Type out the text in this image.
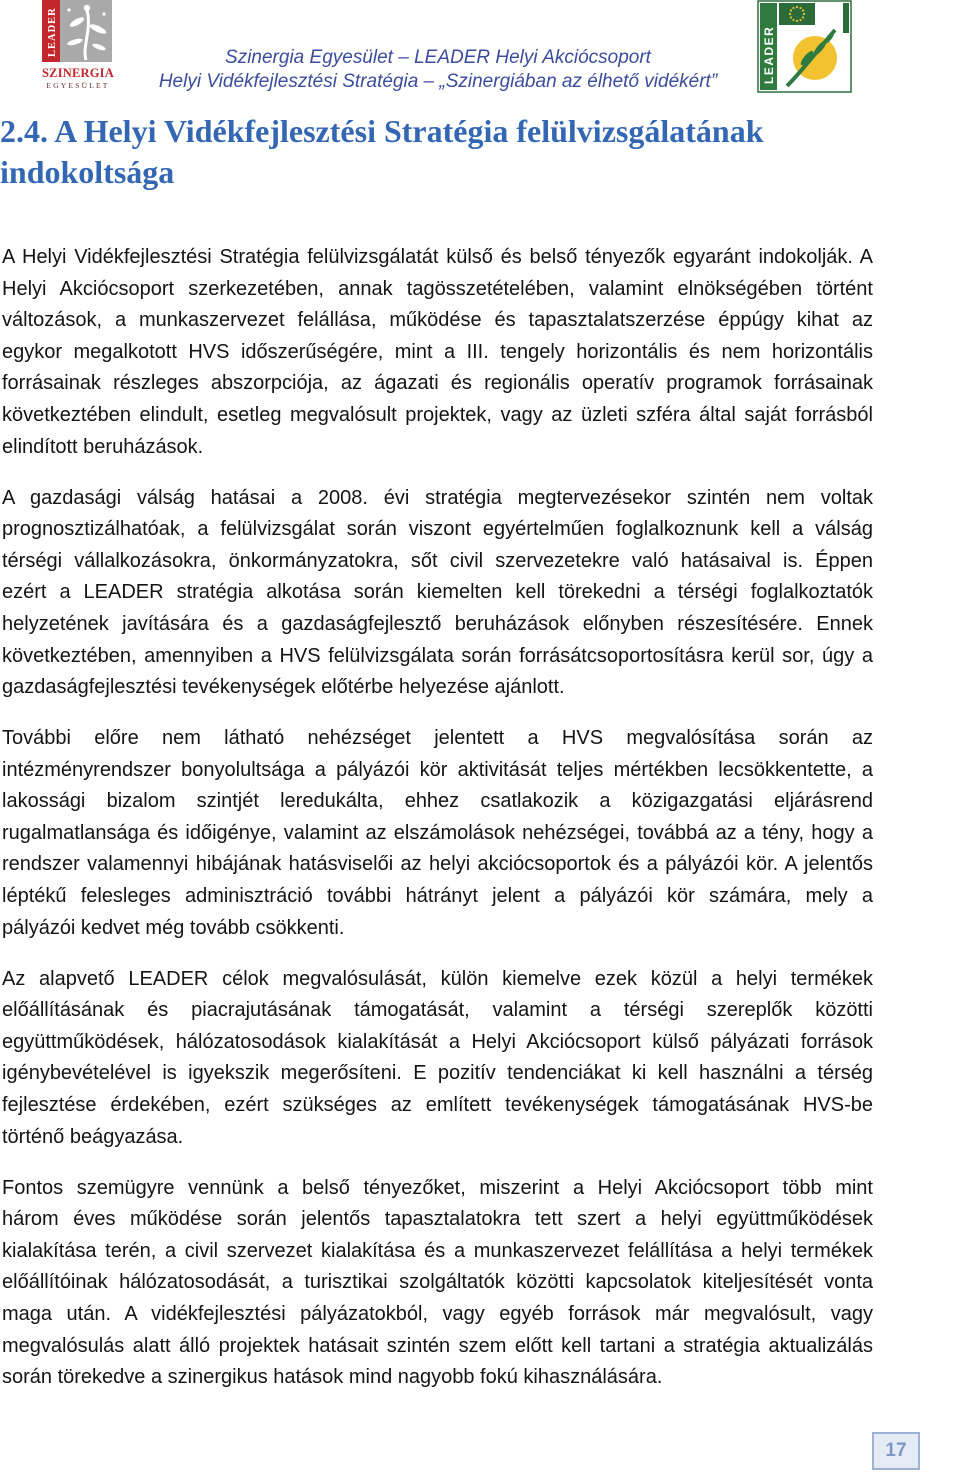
LEADER
SZINERGIA
EGYESÜLET
Szinergia Egyesület – LEADER Helyi Akciócsoport
Helyi Vidékfejlesztési Stratégia – „Szinergiában az élhető vidékért”	LEADER
2.4. A Helyi Vidékfejlesztési Stratégia felülvizsgálatának
indokoltsága
A Helyi Vidékfejlesztési Stratégia felülvizsgálatát külső és belső tényezők egyaránt indokolják. A
Helyi Akciócsoport szerkezetében, annak tagösszetételében, valamint elnökségében történt
változások, a munkaszervezet felállása, működése és tapasztalatszerzése éppúgy kihat az
egykor megalkotott HVS időszerűségére, mint a III. tengely horizontális és nem horizontális
forrásainak részleges abszorpciója, az ágazati és regionális operatív programok forrásainak
következtében elindult, esetleg megvalósult projektek, vagy az üzleti szféra által saját forrásból
elindított beruházások.
A gazdasági válság hatásai a 2008. évi stratégia megtervezésekor szintén nem voltak
prognosztizálhatóak, a felülvizsgálat során viszont egyértelműen foglalkoznunk kell a válság
térségi vállalkozásokra, önkormányzatokra, sőt civil szervezetekre való hatásaival is. Éppen
ezért a LEADER stratégia alkotása során kiemelten kell törekedni a térségi foglalkoztatók
helyzetének javítására és a gazdaságfejlesztő beruházások előnyben részesítésére. Ennek
következtében, amennyiben a HVS felülvizsgálata során forrásátcsoportosításra kerül sor, úgy a
gazdaságfejlesztési tevékenységek előtérbe helyezése ajánlott.
További előre nem látható nehézséget jelentett a HVS megvalósítása során az
intézményrendszer bonyolultsága a pályázói kör aktivitását teljes mértékben lecsökkentette, a
lakossági bizalom szintjét leredukálta, ehhez csatlakozik a közigazgatási eljárásrend
rugalmatlansága és időigénye, valamint az elszámolások nehézségei, továbbá az a tény, hogy a
rendszer valamennyi hibájának hatásviselői az helyi akciócsoportok és a pályázói kör. A jelentős
léptékű felesleges adminisztráció további hátrányt jelent a pályázói kör számára, mely a
pályázói kedvet még tovább csökkenti.
Az alapvető LEADER célok megvalósulását, külön kiemelve ezek közül a helyi termékek
előállításának és piacrajutásának támogatását, valamint a térségi szereplők közötti
együttműködések, hálózatosodások kialakítását a Helyi Akciócsoport külső pályázati források
igénybevételével is igyekszik megerősíteni. E pozitív tendenciákat ki kell használni a térség
fejlesztése érdekében, ezért szükséges az említett tevékenységek támogatásának HVS-be
történő beágyazása.
Fontos szemügyre vennünk a belső tényezőket, miszerint a Helyi Akciócsoport több mint
három éves működése során jelentős tapasztalatokra tett szert a helyi együttműködések
kialakítása terén, a civil szervezet kialakítása és a munkaszervezet felállítása a helyi termékek
előállítóinak hálózatosodását, a turisztikai szolgáltatók közötti kapcsolatok kiteljesítését vonta
maga után. A vidékfejlesztési pályázatokból, vagy egyéb források már megvalósult, vagy
megvalósulás alatt álló projektek hatásait szintén szem előtt kell tartani a stratégia aktualizálás
során törekedve a szinergikus hatások mind nagyobb fokú kihasználására.
17
